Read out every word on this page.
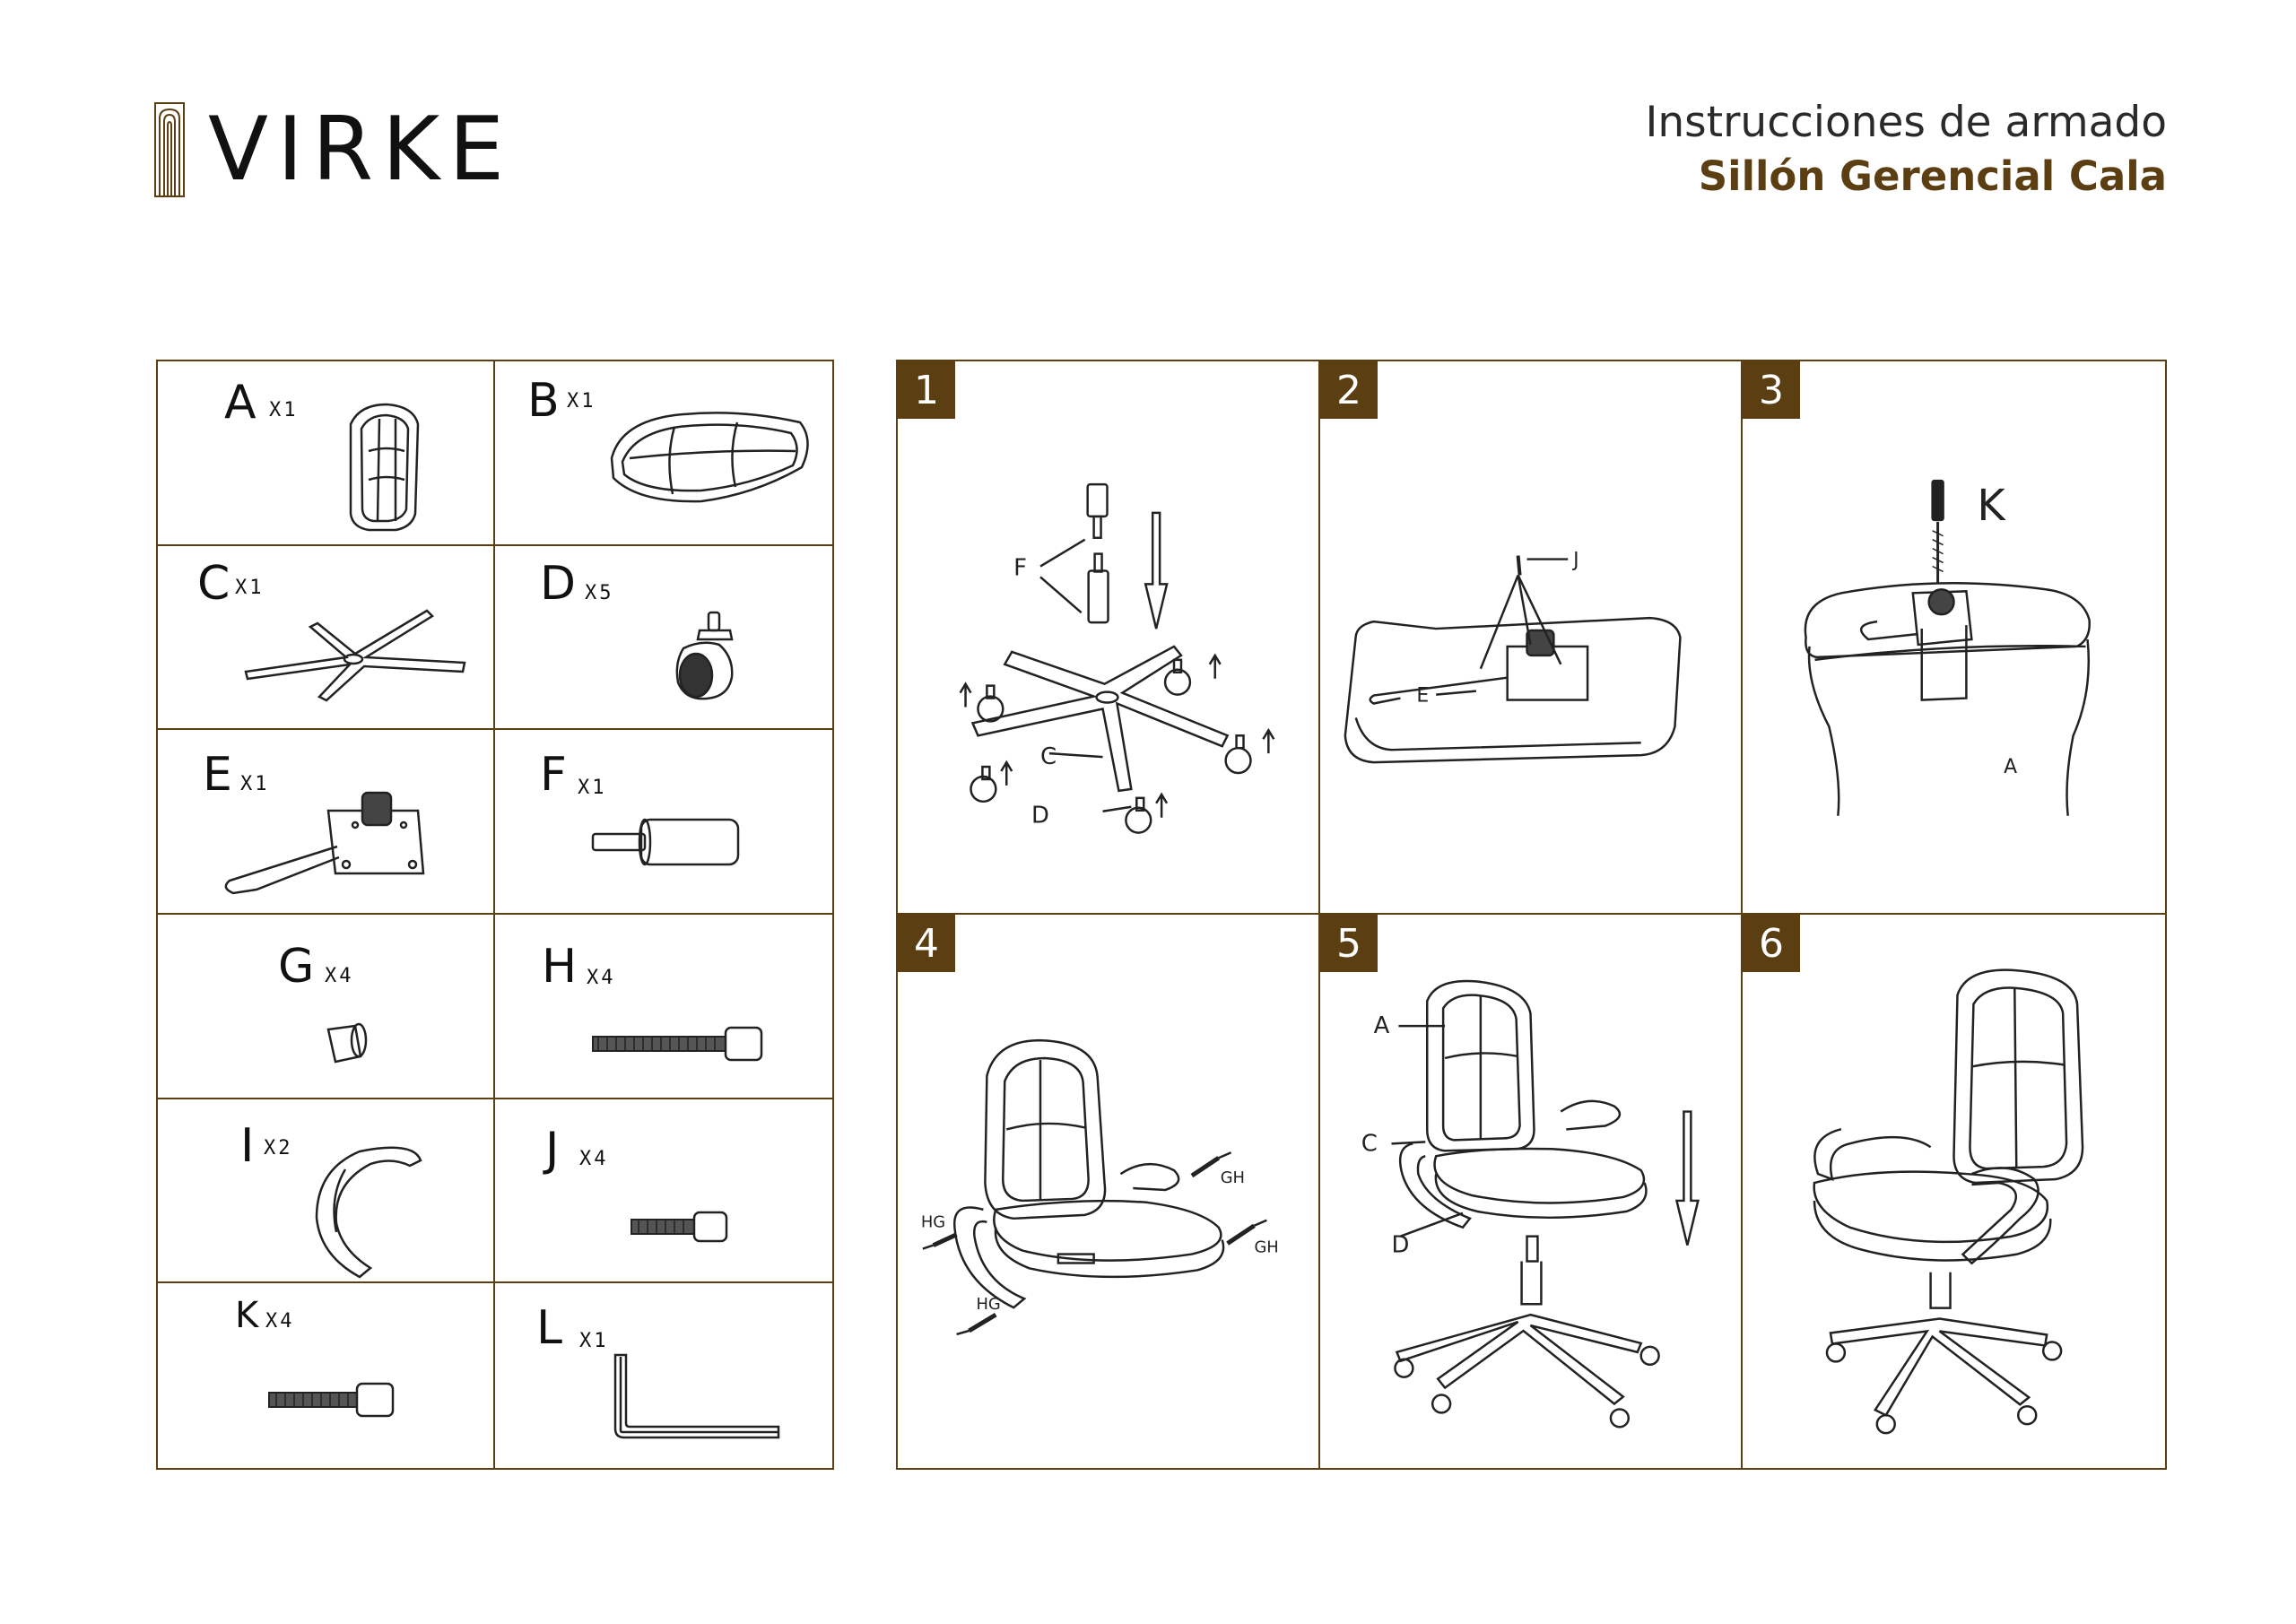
VIRKE	Instrucciones de armado
Sillón Gerencial Cala
A X1	B X1
C X1	D X5
E X1	F X1
G X4	H X4
I X2	J X4
K X4	L X1
1
F
C
D
2
J
E
3
K
A
4
GH
GH
HG
HG
5
A
C
D
6
